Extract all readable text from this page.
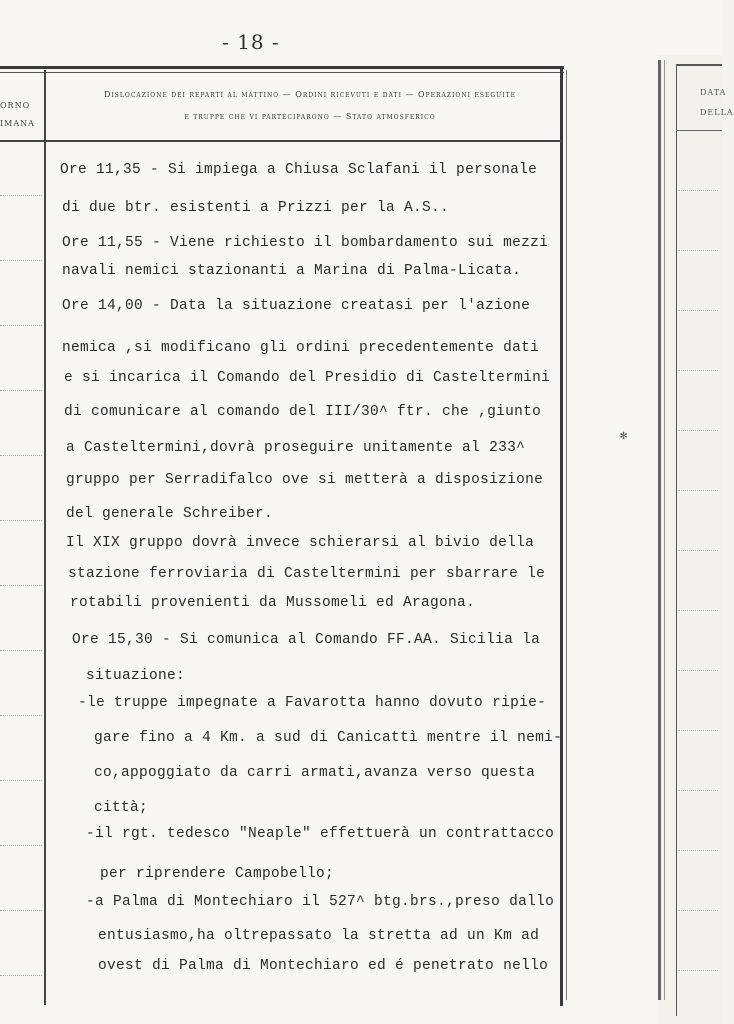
- 18 -
ORNO
IMANA
Dislocazione dei reparti al mattino — Ordini ricevuti e dati — Operazioni eseguite
e truppe che vi parteciparono — Stato atmosferico
Ore 11,35 - Si impiega a Chiusa Sclafani il personale
di due btr. esistenti a Prizzi per la A.S..
Ore 11,55 - Viene richiesto il bombardamento sui mezzi
navali nemici stazionanti a Marina di Palma-Licata.
Ore 14,00 - Data la situazione creatasi per l'azione
nemica ,si modificano gli ordini precedentemente dati
e si incarica il Comando del Presidio di Casteltermini
di comunicare al comando del III/30^ ftr. che ,giunto
a Casteltermini,dovrà proseguire unitamente al 233^
gruppo per Serradifalco ove si metterà a disposizione
del generale Schreiber.
Il XIX gruppo dovrà invece schierarsi al bivio della
stazione ferroviaria di Casteltermini per sbarrare le
rotabili provenienti da Mussomeli ed Aragona.
Ore 15,30 - Si comunica al Comando FF.AA. Sicilia la
situazione:
-le truppe impegnate a Favarotta hanno dovuto ripie-
gare fino a 4 Km. a sud di Canicattì mentre il nemi-
co,appoggiato da carri armati,avanza verso questa
città;
-il rgt. tedesco "Neaple" effettuerà un contrattacco
per riprendere Campobello;
-a Palma di Montechiaro il 527^ btg.brs.,preso dallo
entusiasmo,ha oltrepassato la stretta ad un Km ad
ovest di Palma di Montechiaro ed é penetrato nello
✻
DATA
DELLA
